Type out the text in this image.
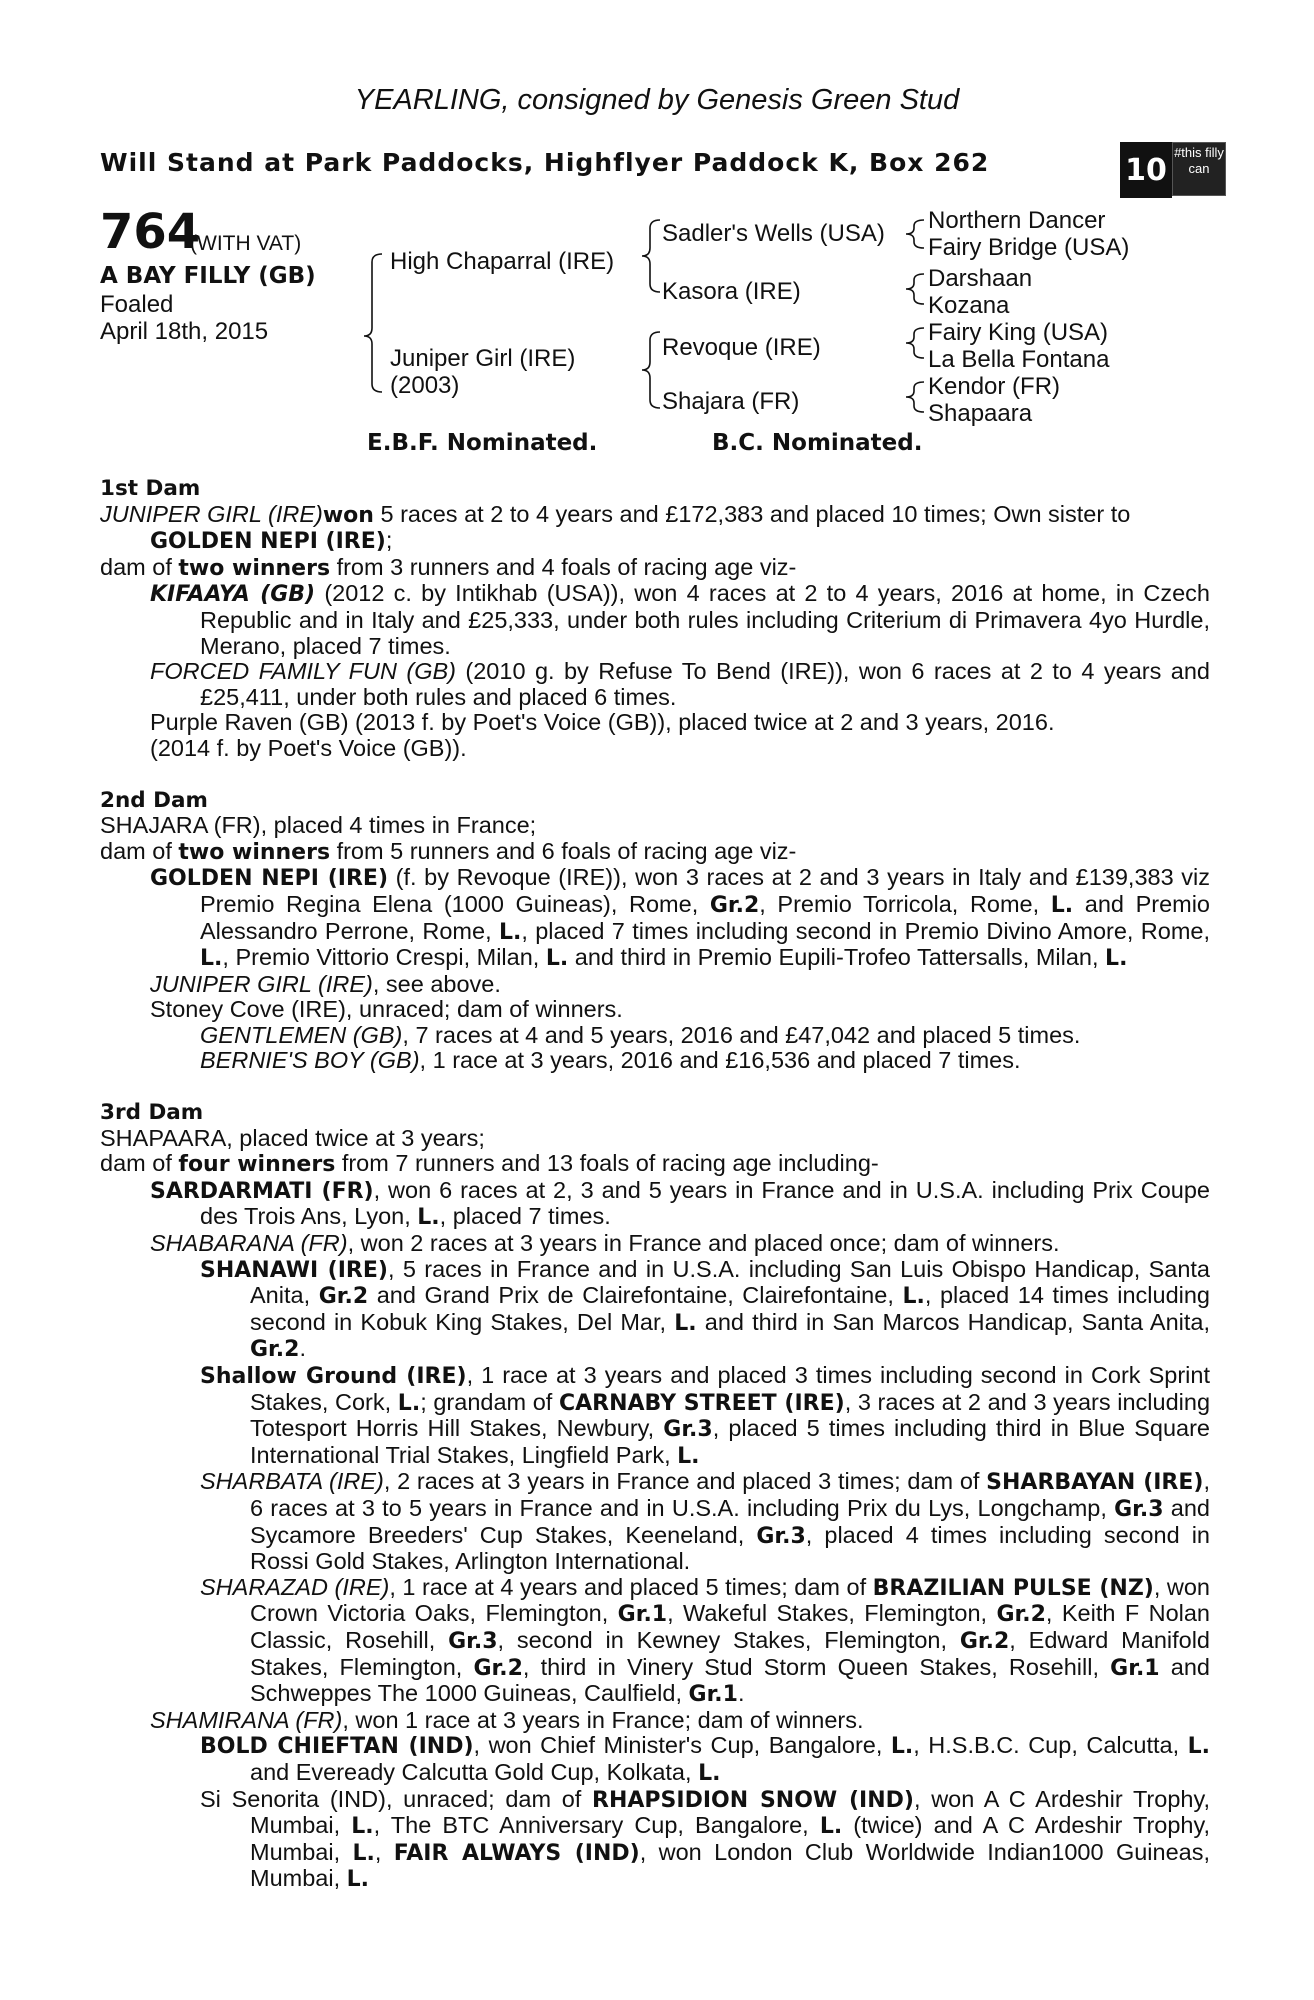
YEARLING, consigned by Genesis Green Stud
Will Stand at Park Paddocks, Highflyer Paddock K, Box 262	10 #this filly can
764
(WITH VAT)
A BAY FILLY (GB)
Foaled
April 18th, 2015
High Chaparral (IRE)
Juniper Girl (IRE)
(2003)
Sadler's Wells (USA)
Kasora (IRE)
Revoque (IRE)
Shajara (FR)
Northern Dancer
Fairy Bridge (USA)
Darshaan
Kozana
Fairy King (USA)
La Bella Fontana
Kendor (FR)
Shapaara
E.B.F. Nominated.	B.C. Nominated.

1st Dam

JUNIPER GIRL (IRE)won 5 races at 2 to 4 years and £172,383 and placed 10 times; Own sister to GOLDEN NEPI (IRE);

dam of two winners from 3 runners and 4 foals of racing age viz-

KIFAAYA (GB) (2012 c. by Intikhab (USA)), won 4 races at 2 to 4 years, 2016 at home, in Czech Republic and in Italy and £25,333, under both rules including Criterium di Primavera 4yo Hurdle, Merano, placed 7 times.

FORCED FAMILY FUN (GB) (2010 g. by Refuse To Bend (IRE)), won 6 races at 2 to 4 years and £25,411, under both rules and placed 6 times.

Purple Raven (GB) (2013 f. by Poet's Voice (GB)), placed twice at 2 and 3 years, 2016.

(2014 f. by Poet's Voice (GB)).

2nd Dam

SHAJARA (FR), placed 4 times in France;

dam of two winners from 5 runners and 6 foals of racing age viz-

GOLDEN NEPI (IRE) (f. by Revoque (IRE)), won 3 races at 2 and 3 years in Italy and £139,383 viz Premio Regina Elena (1000 Guineas), Rome, Gr.2, Premio Torricola, Rome, L. and Premio Alessandro Perrone, Rome, L., placed 7 times including second in Premio Divino Amore, Rome, L., Premio Vittorio Crespi, Milan, L. and third in Premio Eupili-Trofeo Tattersalls, Milan, L.

JUNIPER GIRL (IRE), see above.

Stoney Cove (IRE), unraced; dam of winners.

GENTLEMEN (GB), 7 races at 4 and 5 years, 2016 and £47,042 and placed 5 times.

BERNIE'S BOY (GB), 1 race at 3 years, 2016 and £16,536 and placed 7 times.

3rd Dam

SHAPAARA, placed twice at 3 years;

dam of four winners from 7 runners and 13 foals of racing age including-

SARDARMATI (FR), won 6 races at 2, 3 and 5 years in France and in U.S.A. including Prix Coupe des Trois Ans, Lyon, L., placed 7 times.

SHABARANA (FR), won 2 races at 3 years in France and placed once; dam of winners.

SHANAWI (IRE), 5 races in France and in U.S.A. including San Luis Obispo Handicap, Santa Anita, Gr.2 and Grand Prix de Clairefontaine, Clairefontaine, L., placed 14 times including second in Kobuk King Stakes, Del Mar, L. and third in San Marcos Handicap, Santa Anita, Gr.2.

Shallow Ground (IRE), 1 race at 3 years and placed 3 times including second in Cork Sprint Stakes, Cork, L.; grandam of CARNABY STREET (IRE), 3 races at 2 and 3 years including Totesport Horris Hill Stakes, Newbury, Gr.3, placed 5 times including third in Blue Square International Trial Stakes, Lingfield Park, L.

SHARBATA (IRE), 2 races at 3 years in France and placed 3 times; dam of SHARBAYAN (IRE), 6 races at 3 to 5 years in France and in U.S.A. including Prix du Lys, Longchamp, Gr.3 and Sycamore Breeders' Cup Stakes, Keeneland, Gr.3, placed 4 times including second in Rossi Gold Stakes, Arlington International.

SHARAZAD (IRE), 1 race at 4 years and placed 5 times; dam of BRAZILIAN PULSE (NZ), won Crown Victoria Oaks, Flemington, Gr.1, Wakeful Stakes, Flemington, Gr.2, Keith F Nolan Classic, Rosehill, Gr.3, second in Kewney Stakes, Flemington, Gr.2, Edward Manifold Stakes, Flemington, Gr.2, third in Vinery Stud Storm Queen Stakes, Rosehill, Gr.1 and Schweppes The 1000 Guineas, Caulfield, Gr.1.

SHAMIRANA (FR), won 1 race at 3 years in France; dam of winners.

BOLD CHIEFTAN (IND), won Chief Minister's Cup, Bangalore, L., H.S.B.C. Cup, Calcutta, L. and Eveready Calcutta Gold Cup, Kolkata, L.

Si Senorita (IND), unraced; dam of RHAPSIDION SNOW (IND), won A C Ardeshir Trophy, Mumbai, L., The BTC Anniversary Cup, Bangalore, L. (twice) and A C Ardeshir Trophy, Mumbai, L., FAIR ALWAYS (IND), won London Club Worldwide Indian1000 Guineas, Mumbai, L.
